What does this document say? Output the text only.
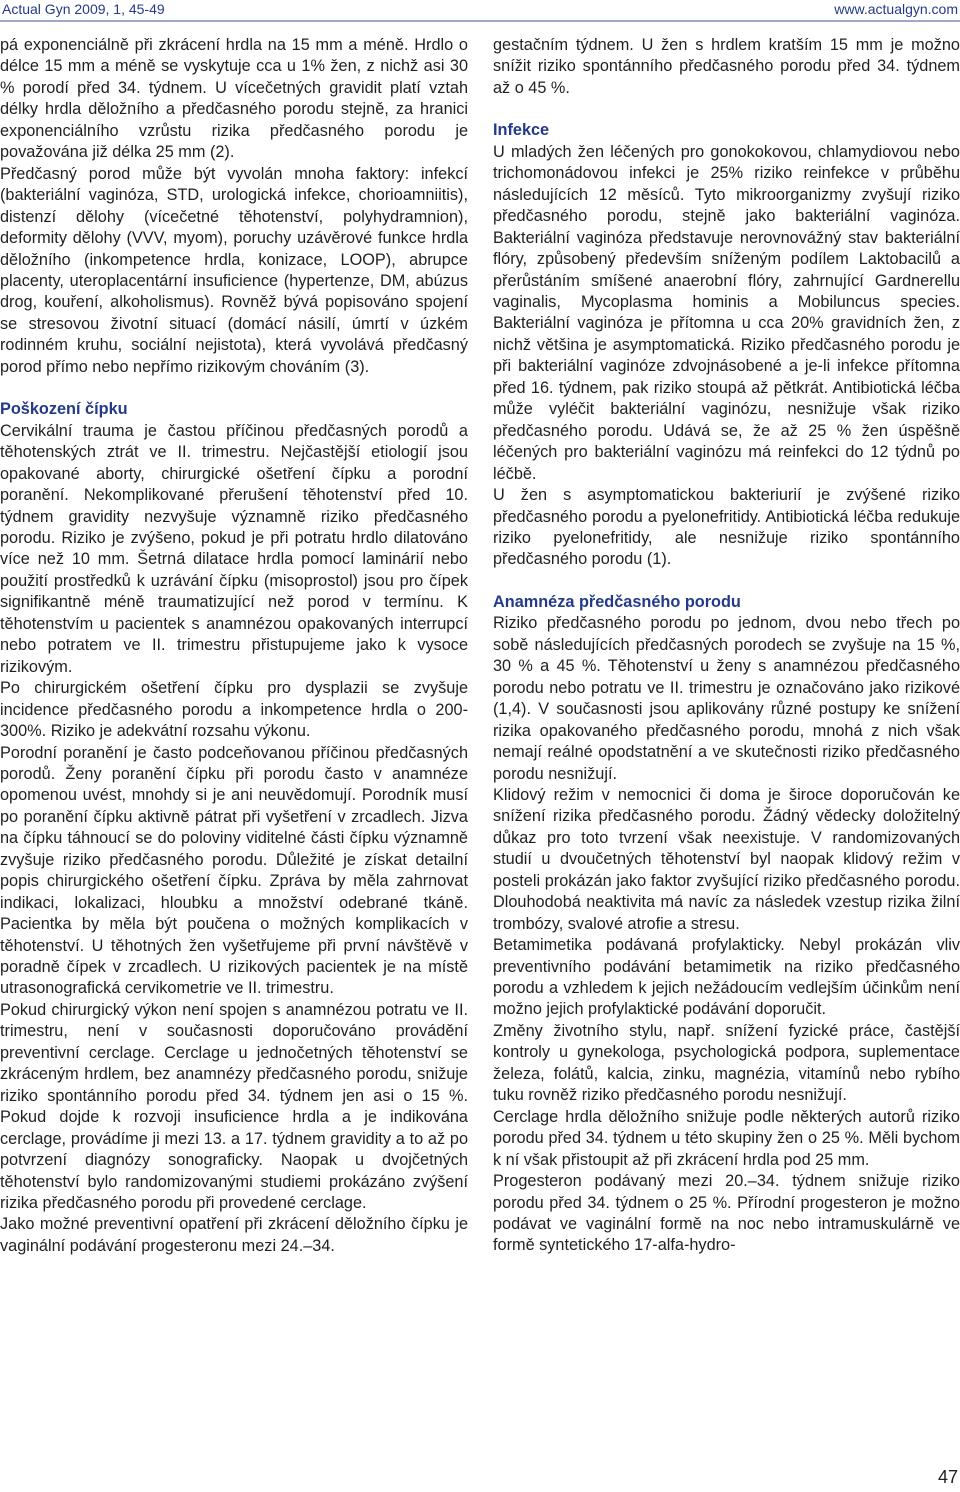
Actual Gyn 2009, 1, 45-49	www.actualgyn.com

pá exponenciálně při zkrácení hrdla na 15 mm a méně. Hrdlo o délce 15 mm a méně se vyskytuje cca u 1% žen, z nichž asi 30 % porodí před 34. týdnem. U vícečetných gravidit platí vztah délky hrdla děložního a předčasného porodu stejně, za hranici exponenciálního vzrůstu rizika předčasného porodu je považována již délka 25 mm (2).

Předčasný porod může být vyvolán mnoha faktory: infekcí (bakteriální vaginóza, STD, urologická infekce, chorioamniitis), distenzí dělohy (vícečetné těhotenství, polyhydramnion), deformity dělohy (VVV, myom), poruchy uzávěrové funkce hrdla děložního (inkompetence hrdla, konizace, LOOP), abrupce placenty, uteroplacentární insuficience (hypertenze, DM, abúzus drog, kouření, alkoholismus). Rovněž bývá popisováno spojení se stresovou životní situací (domácí násilí, úmrtí v úzkém rodinném kruhu, sociální nejistota), která vyvolává předčasný porod přímo nebo nepřímo rizikovým chováním (3).

Poškození čípku

Cervikální trauma je častou příčinou předčasných porodů a těhotenských ztrát ve II. trimestru. Nejčastější etiologií jsou opakované aborty, chirurgické ošetření čípku a porodní poranění. Nekomplikované přerušení těhotenství před 10. týdnem gravidity nezvyšuje významně riziko předčasného porodu. Riziko je zvýšeno, pokud je při potratu hrdlo dilatováno více než 10 mm. Šetrná dilatace hrdla pomocí laminárií nebo použití prostředků k uzrávání čípku (misoprostol) jsou pro čípek signifikantně méně traumatizující než porod v termínu. K těhotenstvím u pacientek s anamnézou opakovaných interrupcí nebo potratem ve II. trimestru přistupujeme jako k vysoce rizikovým.

Po chirurgickém ošetření čípku pro dysplazii se zvyšuje incidence předčasného porodu a inkompetence hrdla o 200-300%. Riziko je adekvátní rozsahu výkonu.

Porodní poranění je často podceňovanou příčinou předčasných porodů. Ženy poranění čípku při porodu často v anamnéze opomenou uvést, mnohdy si je ani neuvědomují. Porodník musí po poranění čípku aktivně pátrat při vyšetření v zrcadlech. Jizva na čípku táhnoucí se do poloviny viditelné části čípku významně zvyšuje riziko předčasného porodu. Důležité je získat detailní popis chirurgického ošetření čípku. Zpráva by měla zahrnovat indikaci, lokalizaci, hloubku a množství odebrané tkáně. Pacientka by měla být poučena o možných komplikacích v těhotenství. U těhotných žen vyšetřujeme při první návštěvě v poradně čípek v zrcadlech. U rizikových pacientek je na místě utrasonografická cervikometrie ve II. trimestru.

Pokud chirurgický výkon není spojen s anamnézou potratu ve II. trimestru, není v současnosti doporučováno provádění preventivní cerclage. Cerclage u jednočetných těhotenství se zkráceným hrdlem, bez anamnézy předčasného porodu, snižuje riziko spontánního porodu před 34. týdnem jen asi o 15 %. Pokud dojde k rozvoji insuficience hrdla a je indikována cerclage, provádíme ji mezi 13. a 17. týdnem gravidity a to až po potvrzení diagnózy sonograficky. Naopak u dvojčetných těhotenství bylo randomizovanými studiemi prokázáno zvýšení rizika předčasného porodu při provedené cerclage.

Jako možné preventivní opatření při zkrácení děložního čípku je vaginální podávání progesteronu mezi 24.–34.

gestačním týdnem. U žen s hrdlem kratším 15 mm je možno snížit riziko spontánního předčasného porodu před 34. týdnem až o 45 %.

Infekce

U mladých žen léčených pro gonokokovou, chlamydiovou nebo trichomonádovou infekci je 25% riziko reinfekce v průběhu následujících 12 měsíců. Tyto mikroorganizmy zvyšují riziko předčasného porodu, stejně jako bakteriální vaginóza. Bakteriální vaginóza představuje nerovnovážný stav bakteriální flóry, způsobený především sníženým podílem Laktobacilů a přerůstáním smíšené anaerobní flóry, zahrnující Gardnerellu vaginalis, Mycoplasma hominis a Mobiluncus species. Bakteriální vaginóza je přítomna u cca 20% gravidních žen, z nichž většina je asymptomatická. Riziko předčasného porodu je při bakteriální vaginóze zdvojnásobené a je-li infekce přítomna před 16. týdnem, pak riziko stoupá až pětkrát. Antibiotická léčba může vyléčit bakteriální vaginózu, nesnižuje však riziko předčasného porodu. Udává se, že až 25 % žen úspěšně léčených pro bakteriální vaginózu má reinfekci do 12 týdnů po léčbě.

U žen s asymptomatickou bakteriurií je zvýšené riziko předčasného porodu a pyelonefritidy. Antibiotická léčba redukuje riziko pyelonefritidy, ale nesnižuje riziko spontánního předčasného porodu (1).

Anamnéza předčasného porodu

Riziko předčasného porodu po jednom, dvou nebo třech po sobě následujících předčasných porodech se zvyšuje na 15 %, 30 % a 45 %. Těhotenství u ženy s anamnézou předčasného porodu nebo potratu ve II. trimestru je označováno jako rizikové (1,4). V současnosti jsou aplikovány různé postupy ke snížení rizika opakovaného předčasného porodu, mnohá z nich však nemají reálné opodstatnění a ve skutečnosti riziko předčasného porodu nesnižují.

Klidový režim v nemocnici či doma je široce doporučován ke snížení rizika předčasného porodu. Žádný vědecky doložitelný důkaz pro toto tvrzení však neexistuje. V randomizovaných studií u dvoučetných těhotenství byl naopak klidový režim v posteli prokázán jako faktor zvyšující riziko předčasného porodu. Dlouhodobá neaktivita má navíc za následek vzestup rizika žilní trombózy, svalové atrofie a stresu.

Betamimetika podávaná profylakticky. Nebyl prokázán vliv preventivního podávání betamimetik na riziko předčasného porodu a vzhledem k jejich nežádoucím vedlejším účinkům není možno jejich profylaktické podávání doporučit.

Změny životního stylu, např. snížení fyzické práce, častější kontroly u gynekologa, psychologická podpora, suplementace železa, folátů, kalcia, zinku, magnézia, vitamínů nebo rybího tuku rovněž riziko předčasného porodu nesnižují.

Cerclage hrdla děložního snižuje podle některých autorů riziko porodu před 34. týdnem u této skupiny žen o 25 %. Měli bychom k ní však přistoupit až při zkrácení hrdla pod 25 mm.

Progesteron podávaný mezi 20.–34. týdnem snižuje riziko porodu před 34. týdnem o 25 %. Přírodní progesteron je možno podávat ve vaginální formě na noc nebo intramuskulárně ve formě syntetického 17-alfa-hydro-

47
